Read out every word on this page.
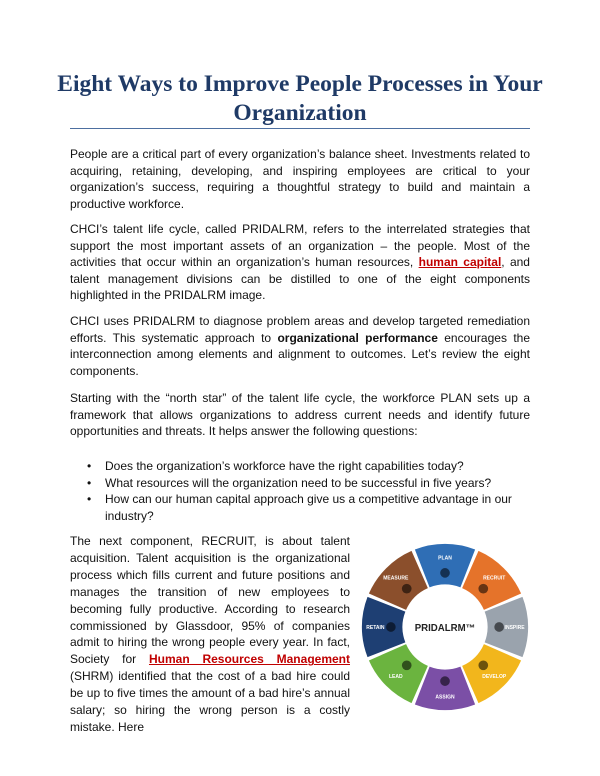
Eight Ways to Improve People Processes in Your Organization

People are a critical part of every organization’s balance sheet. Investments related to acquiring, retaining, developing, and inspiring employees are critical to your organization’s success, requiring a thoughtful strategy to build and maintain a productive workforce.

CHCI’s talent life cycle, called PRIDALRM, refers to the interrelated strategies that support the most important assets of an organization – the people. Most of the activities that occur within an organization’s human resources, human capital, and talent management divisions can be distilled to one of the eight components highlighted in the PRIDALRM image.

CHCI uses PRIDALRM to diagnose problem areas and develop targeted remediation efforts. This systematic approach to organizational performance encourages the interconnection among elements and alignment to outcomes. Let’s review the eight components.

Starting with the “north star” of the talent life cycle, the workforce PLAN sets up a framework that allows organizations to address current needs and identify future opportunities and threats. It helps answer the following questions:

• Does the organization’s workforce have the right capabilities today?
• What resources will the organization need to be successful in five years?
• How can our human capital approach give us a competitive advantage in our industry?

The next component, RECRUIT, is about talent acquisition. Talent acquisition is the organizational process which fills current and future positions and manages the transition of new employees to becoming fully productive. According to research commissioned by Glassdoor, 95% of companies admit to hiring the wrong people every year. In fact, Society for Human Resources Management (SHRM) identified that the cost of a bad hire could be up to five times the amount of a bad hire’s annual salary; so hiring the wrong person is a costly mistake. Here

PLAN
RECRUIT
INSPIRE
DEVELOP
ASSIGN
LEAD
RETAIN
MEASURE
PRIDALRM™
